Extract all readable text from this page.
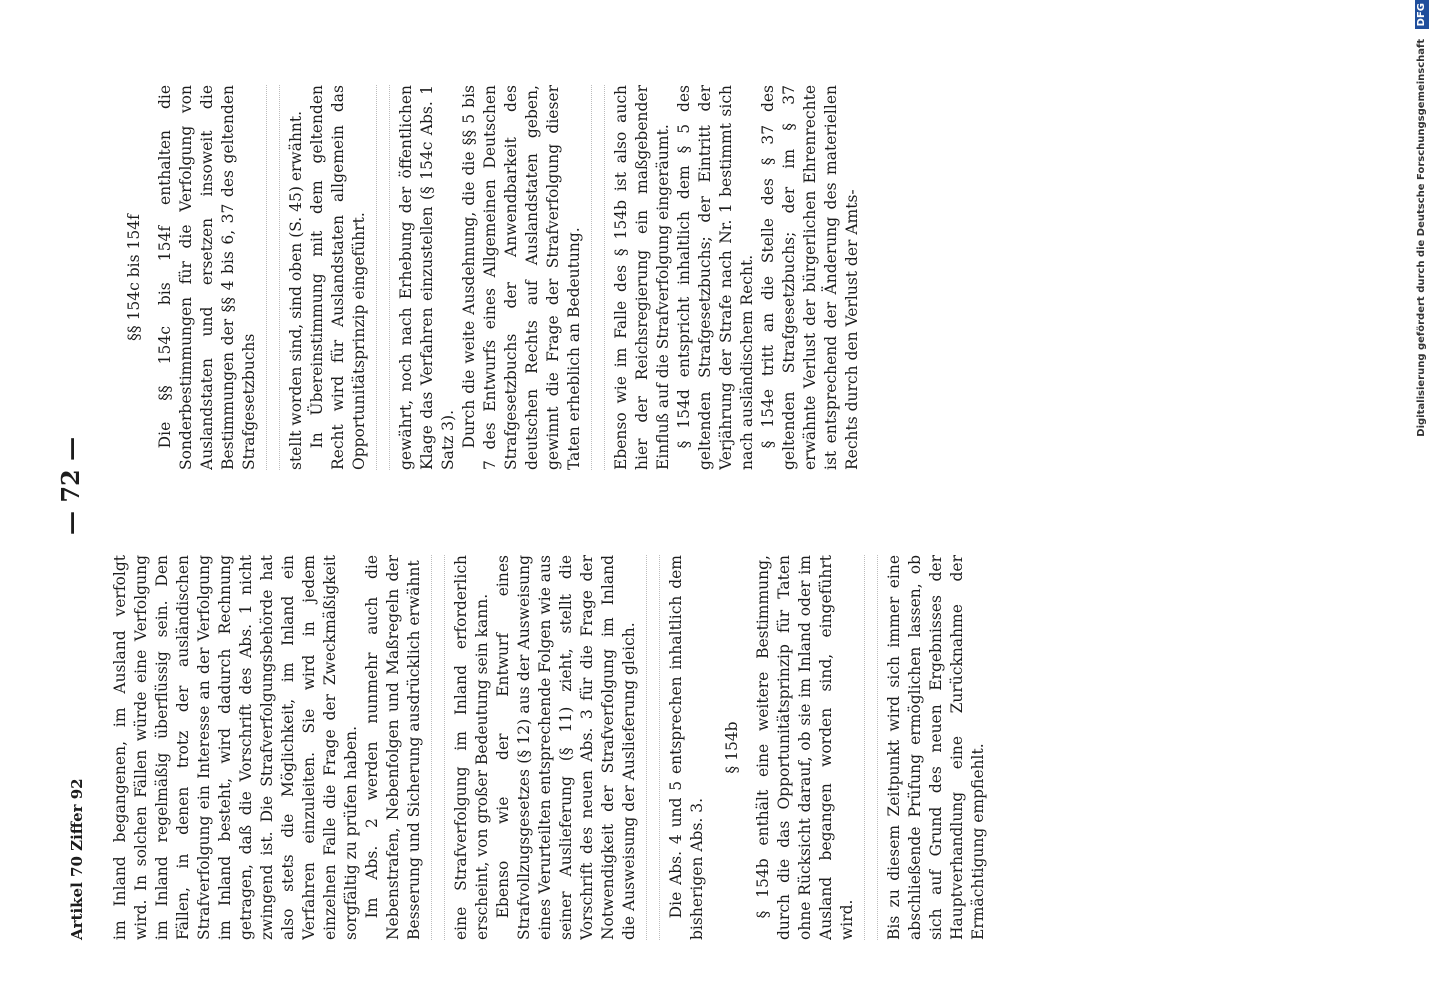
Artikel 70 Ziffer 92
— 72 —

im Inland begangenen, im Ausland verfolgt wird. In solchen Fällen würde eine Verfolgung im Inland regelmäßig überflüssig sein. Den Fällen, in denen trotz der ausländischen Strafverfolgung ein Interesse an der Verfolgung im Inland besteht, wird dadurch Rechnung getragen, daß die Vorschrift des Abs. 1 nicht zwingend ist. Die Strafverfolgungsbehörde hat also stets die Möglichkeit, im Inland ein Verfahren einzuleiten. Sie wird in jedem einzelnen Falle die Frage der Zweckmäßigkeit sorgfältig zu prüfen haben. Im Abs. 2 werden nunmehr auch die Nebenstrafen, Nebenfolgen und Maßregeln der Besserung und Sicherung ausdrücklich erwähnt eine Strafverfolgung im Inland erforderlich erscheint, von großer Bedeutung sein kann. Ebenso wie der Entwurf eines Strafvollzugsgesetzes (§ 12) aus der Ausweisung eines Verurteilten entsprechende Folgen wie aus seiner Auslieferung (§ 11) zieht, stellt die Vorschrift des neuen Abs. 3 für die Frage der Notwendigkeit der Strafverfolgung im Inland die Ausweisung der Auslieferung gleich. Die Abs. 4 und 5 entsprechen inhaltlich dem bisherigen Abs. 3.

§ 154b § 154b enthält eine weitere Bestimmung, durch die das Opportunitätsprinzip für Taten ohne Rücksicht darauf, ob sie im Inland oder im Ausland begangen worden sind, eingeführt wird. Bis zu diesem Zeitpunkt wird sich immer eine abschließende Prüfung ermöglichen lassen, ob sich auf Grund des neuen Ergebnisses der Hauptverhandlung eine Zurücknahme der Ermächtigung empfiehlt.

§§ 154c bis 154f Die §§ 154c bis 154f enthalten die Sonderbestimmungen für die Verfolgung von Auslandstaten und ersetzen insoweit die Bestimmungen der §§ 4 bis 6, 37 des geltenden Strafgesetzbuchs stellt worden sind, sind oben (S. 45) erwähnt. In Übereinstimmung mit dem geltenden Recht wird für Auslandstaten allgemein das Opportunitätsprinzip eingeführt. gewährt, noch nach Erhebung der öffentlichen Klage das Verfahren einzustellen (§ 154c Abs. 1 Satz 3). Durch die weite Ausdehnung, die die §§ 5 bis 7 des Entwurfs eines Allgemeinen Deutschen Strafgesetzbuchs der Anwendbarkeit des deutschen Rechts auf Auslandstaten geben, gewinnt die Frage der Strafverfolgung dieser Taten erheblich an Bedeutung. Ebenso wie im Falle des § 154b ist also auch hier der Reichsregierung ein maßgebender Einfluß auf die Strafverfolgung eingeräumt. § 154d entspricht inhaltlich dem § 5 des geltenden Strafgesetzbuchs; der Eintritt der Verjährung der Strafe nach Nr. 1 bestimmt sich nach ausländischem Recht. § 154e tritt an die Stelle des § 37 des geltenden Strafgesetzbuchs; der im § 37 erwähnte Verlust der bürgerlichen Ehrenrechte ist entsprechend der Änderung des materiellen Rechts durch den Verlust der Amts-	Digitalisierung gefördert durch die Deutsche Forschungsgemeinschaft DFG
